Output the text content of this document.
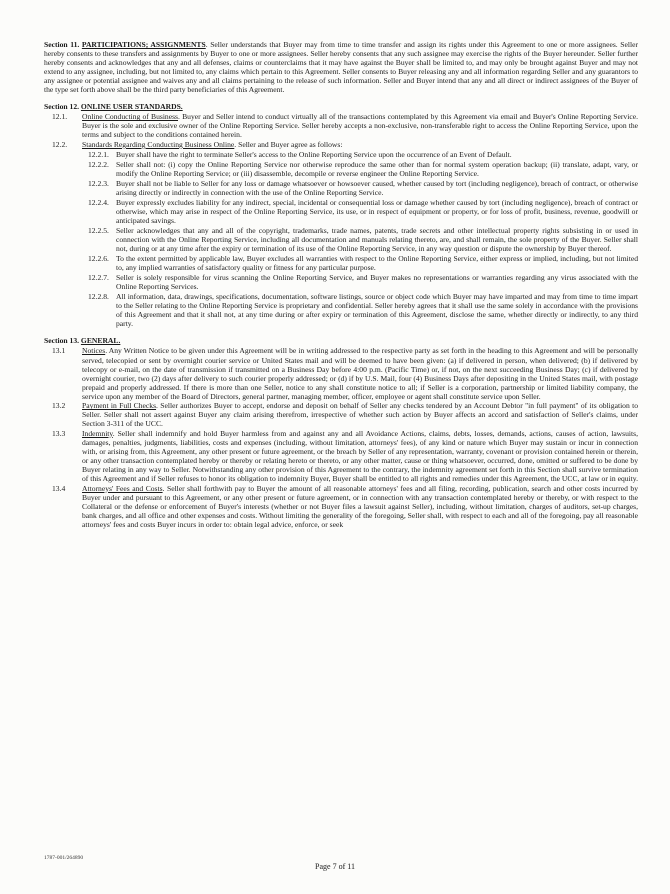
Section 11. PARTICIPATIONS; ASSIGNMENTS. Seller understands that Buyer may from time to time transfer and assign its rights under this Agreement to one or more assignees. Seller hereby consents to these transfers and assignments by Buyer to one or more assignees. Seller hereby consents that any such assignee may exercise the rights of the Buyer hereunder. Seller further hereby consents and acknowledges that any and all defenses, claims or counterclaims that it may have against the Buyer shall be limited to, and may only be brought against Buyer and may not extend to any assignee, including, but not limited to, any claims which pertain to this Agreement. Seller consents to Buyer releasing any and all information regarding Seller and any guarantors to any assignee or potential assignee and waives any and all claims pertaining to the release of such information. Seller and Buyer intend that any and all direct or indirect assignees of the Buyer of the type set forth above shall be the third party beneficiaries of this Agreement.

Section 12. ONLINE USER STANDARDS.

12.1.	Online Conducting of Business. Buyer and Seller intend to conduct virtually all of the transactions contemplated by this Agreement via email and Buyer's Online Reporting Service. Buyer is the sole and exclusive owner of the Online Reporting Service. Seller hereby accepts a non-exclusive, non-transferable right to access the Online Reporting Service, upon the terms and subject to the conditions contained herein.
12.2.	Standards Regarding Conducting Business Online. Seller and Buyer agree as follows:
12.2.1. Buyer shall have the right to terminate Seller's access to the Online Reporting Service upon the occurrence of an Event of Default.
12.2.2. Seller shall not: (i) copy the Online Reporting Service nor otherwise reproduce the same other than for normal system operation backup; (ii) translate, adapt, vary, or modify the Online Reporting Service; or (iii) disassemble, decompile or reverse engineer the Online Reporting Service.
12.2.3. Buyer shall not be liable to Seller for any loss or damage whatsoever or howsoever caused, whether caused by tort (including negligence), breach of contract, or otherwise arising directly or indirectly in connection with the use of the Online Reporting Service.
12.2.4. Buyer expressly excludes liability for any indirect, special, incidental or consequential loss or damage whether caused by tort (including negligence), breach of contract or otherwise, which may arise in respect of the Online Reporting Service, its use, or in respect of equipment or property, or for loss of profit, business, revenue, goodwill or anticipated savings.
12.2.5. Seller acknowledges that any and all of the copyright, trademarks, trade names, patents, trade secrets and other intellectual property rights subsisting in or used in connection with the Online Reporting Service, including all documentation and manuals relating thereto, are, and shall remain, the sole property of the Buyer. Seller shall not, during or at any time after the expiry or termination of its use of the Online Reporting Service, in any way question or dispute the ownership by Buyer thereof.
12.2.6. To the extent permitted by applicable law, Buyer excludes all warranties with respect to the Online Reporting Service, either express or implied, including, but not limited to, any implied warranties of satisfactory quality or fitness for any particular purpose.
12.2.7. Seller is solely responsible for virus scanning the Online Reporting Service, and Buyer makes no representations or warranties regarding any virus associated with the Online Reporting Services.
12.2.8. All information, data, drawings, specifications, documentation, software listings, source or object code which Buyer may have imparted and may from time to time impart to the Seller relating to the Online Reporting Service is proprietary and confidential. Seller hereby agrees that it shall use the same solely in accordance with the provisions of this Agreement and that it shall not, at any time during or after expiry or termination of this Agreement, disclose the same, whether directly or indirectly, to any third party.

Section 13. GENERAL.

13.1	Notices. Any Written Notice to be given under this Agreement will be in writing addressed to the respective party as set forth in the heading to this Agreement and will be personally served, telecopied or sent by overnight courier service or United States mail and will be deemed to have been given: (a) if delivered in person, when delivered; (b) if delivered by telecopy or e-mail, on the date of transmission if transmitted on a Business Day before 4:00 p.m. (Pacific Time) or, if not, on the next succeeding Business Day; (c) if delivered by overnight courier, two (2) days after delivery to such courier properly addressed; or (d) if by U.S. Mail, four (4) Business Days after depositing in the United States mail, with postage prepaid and properly addressed. If there is more than one Seller, notice to any shall constitute notice to all; if Seller is a corporation, partnership or limited liability company, the service upon any member of the Board of Directors, general partner, managing member, officer, employee or agent shall constitute service upon Seller.
13.2	Payment in Full Checks. Seller authorizes Buyer to accept, endorse and deposit on behalf of Seller any checks tendered by an Account Debtor "in full payment" of its obligation to Seller. Seller shall not assert against Buyer any claim arising therefrom, irrespective of whether such action by Buyer affects an accord and satisfaction of Seller's claims, under Section 3-311 of the UCC.
13.3	Indemnity. Seller shall indemnify and hold Buyer harmless from and against any and all Avoidance Actions, claims, debts, losses, demands, actions, causes of action, lawsuits, damages, penalties, judgments, liabilities, costs and expenses (including, without limitation, attorneys' fees), of any kind or nature which Buyer may sustain or incur in connection with, or arising from, this Agreement, any other present or future agreement, or the breach by Seller of any representation, warranty, covenant or provision contained herein or therein, or any other transaction contemplated hereby or thereby or relating hereto or thereto, or any other matter, cause or thing whatsoever, occurred, done, omitted or suffered to be done by Buyer relating in any way to Seller. Notwithstanding any other provision of this Agreement to the contrary, the indemnity agreement set forth in this Section shall survive termination of this Agreement and if Seller refuses to honor its obligation to indemnity Buyer, Buyer shall be entitled to all rights and remedies under this Agreement, the UCC, at law or in equity.
13.4	Attorneys' Fees and Costs. Seller shall forthwith pay to Buyer the amount of all reasonable attorneys' fees and all filing, recording, publication, search and other costs incurred by Buyer under and pursuant to this Agreement, or any other present or future agreement, or in connection with any transaction contemplated hereby or thereby, or with respect to the Collateral or the defense or enforcement of Buyer's interests (whether or not Buyer files a lawsuit against Seller), including, without limitation, charges of auditors, set-up charges, bank charges, and all office and other expenses and costs. Without limiting the generality of the foregoing, Seller shall, with respect to each and all of the foregoing, pay all reasonable attorneys' fees and costs Buyer incurs in order to: obtain legal advice, enforce, or seek
1787-001/264890
Page 7 of 11
